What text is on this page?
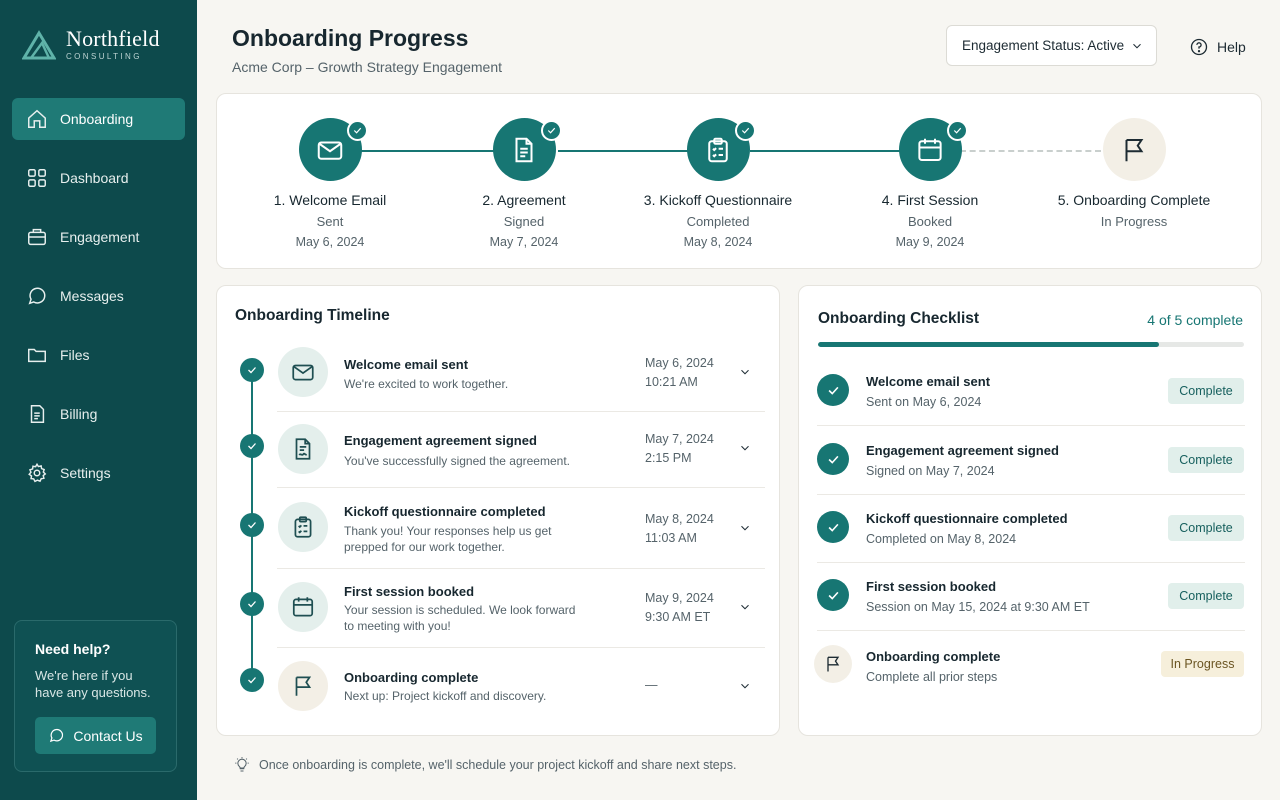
Northfield
CONSULTING
Onboarding
Dashboard
Engagement
Messages
Files
Billing
Settings
Need help?
We're here if you have any questions.
Contact Us
Onboarding Progress
Acme Corp – Growth Strategy Engagement
Engagement Status: Active	Help
1. Welcome Email
Sent
May 6, 2024
2. Agreement
Signed
May 7, 2024
3. Kickoff Questionnaire
Completed
May 8, 2024
4. First Session
Booked
May 9, 2024
5. Onboarding Complete
In Progress
Onboarding Timeline
Welcome email sent
We're excited to work together.
May 6, 2024
10:21 AM
Engagement agreement signed
You've successfully signed the agreement.
May 7, 2024
2:15 PM
Kickoff questionnaire completed
Thank you! Your responses help us get prepped for our work together.
May 8, 2024
11:03 AM
First session booked
Your session is scheduled. We look forward to meeting with you!
May 9, 2024
9:30 AM ET
Onboarding complete
Next up: Project kickoff and discovery.
—
Onboarding Checklist	4 of 5 complete
Welcome email sent
Sent on May 6, 2024
Complete
Engagement agreement signed
Signed on May 7, 2024
Complete
Kickoff questionnaire completed
Completed on May 8, 2024
Complete
First session booked
Session on May 15, 2024 at 9:30 AM ET
Complete
Onboarding complete
Complete all prior steps
In Progress
Once onboarding is complete, we'll schedule your project kickoff and share next steps.
